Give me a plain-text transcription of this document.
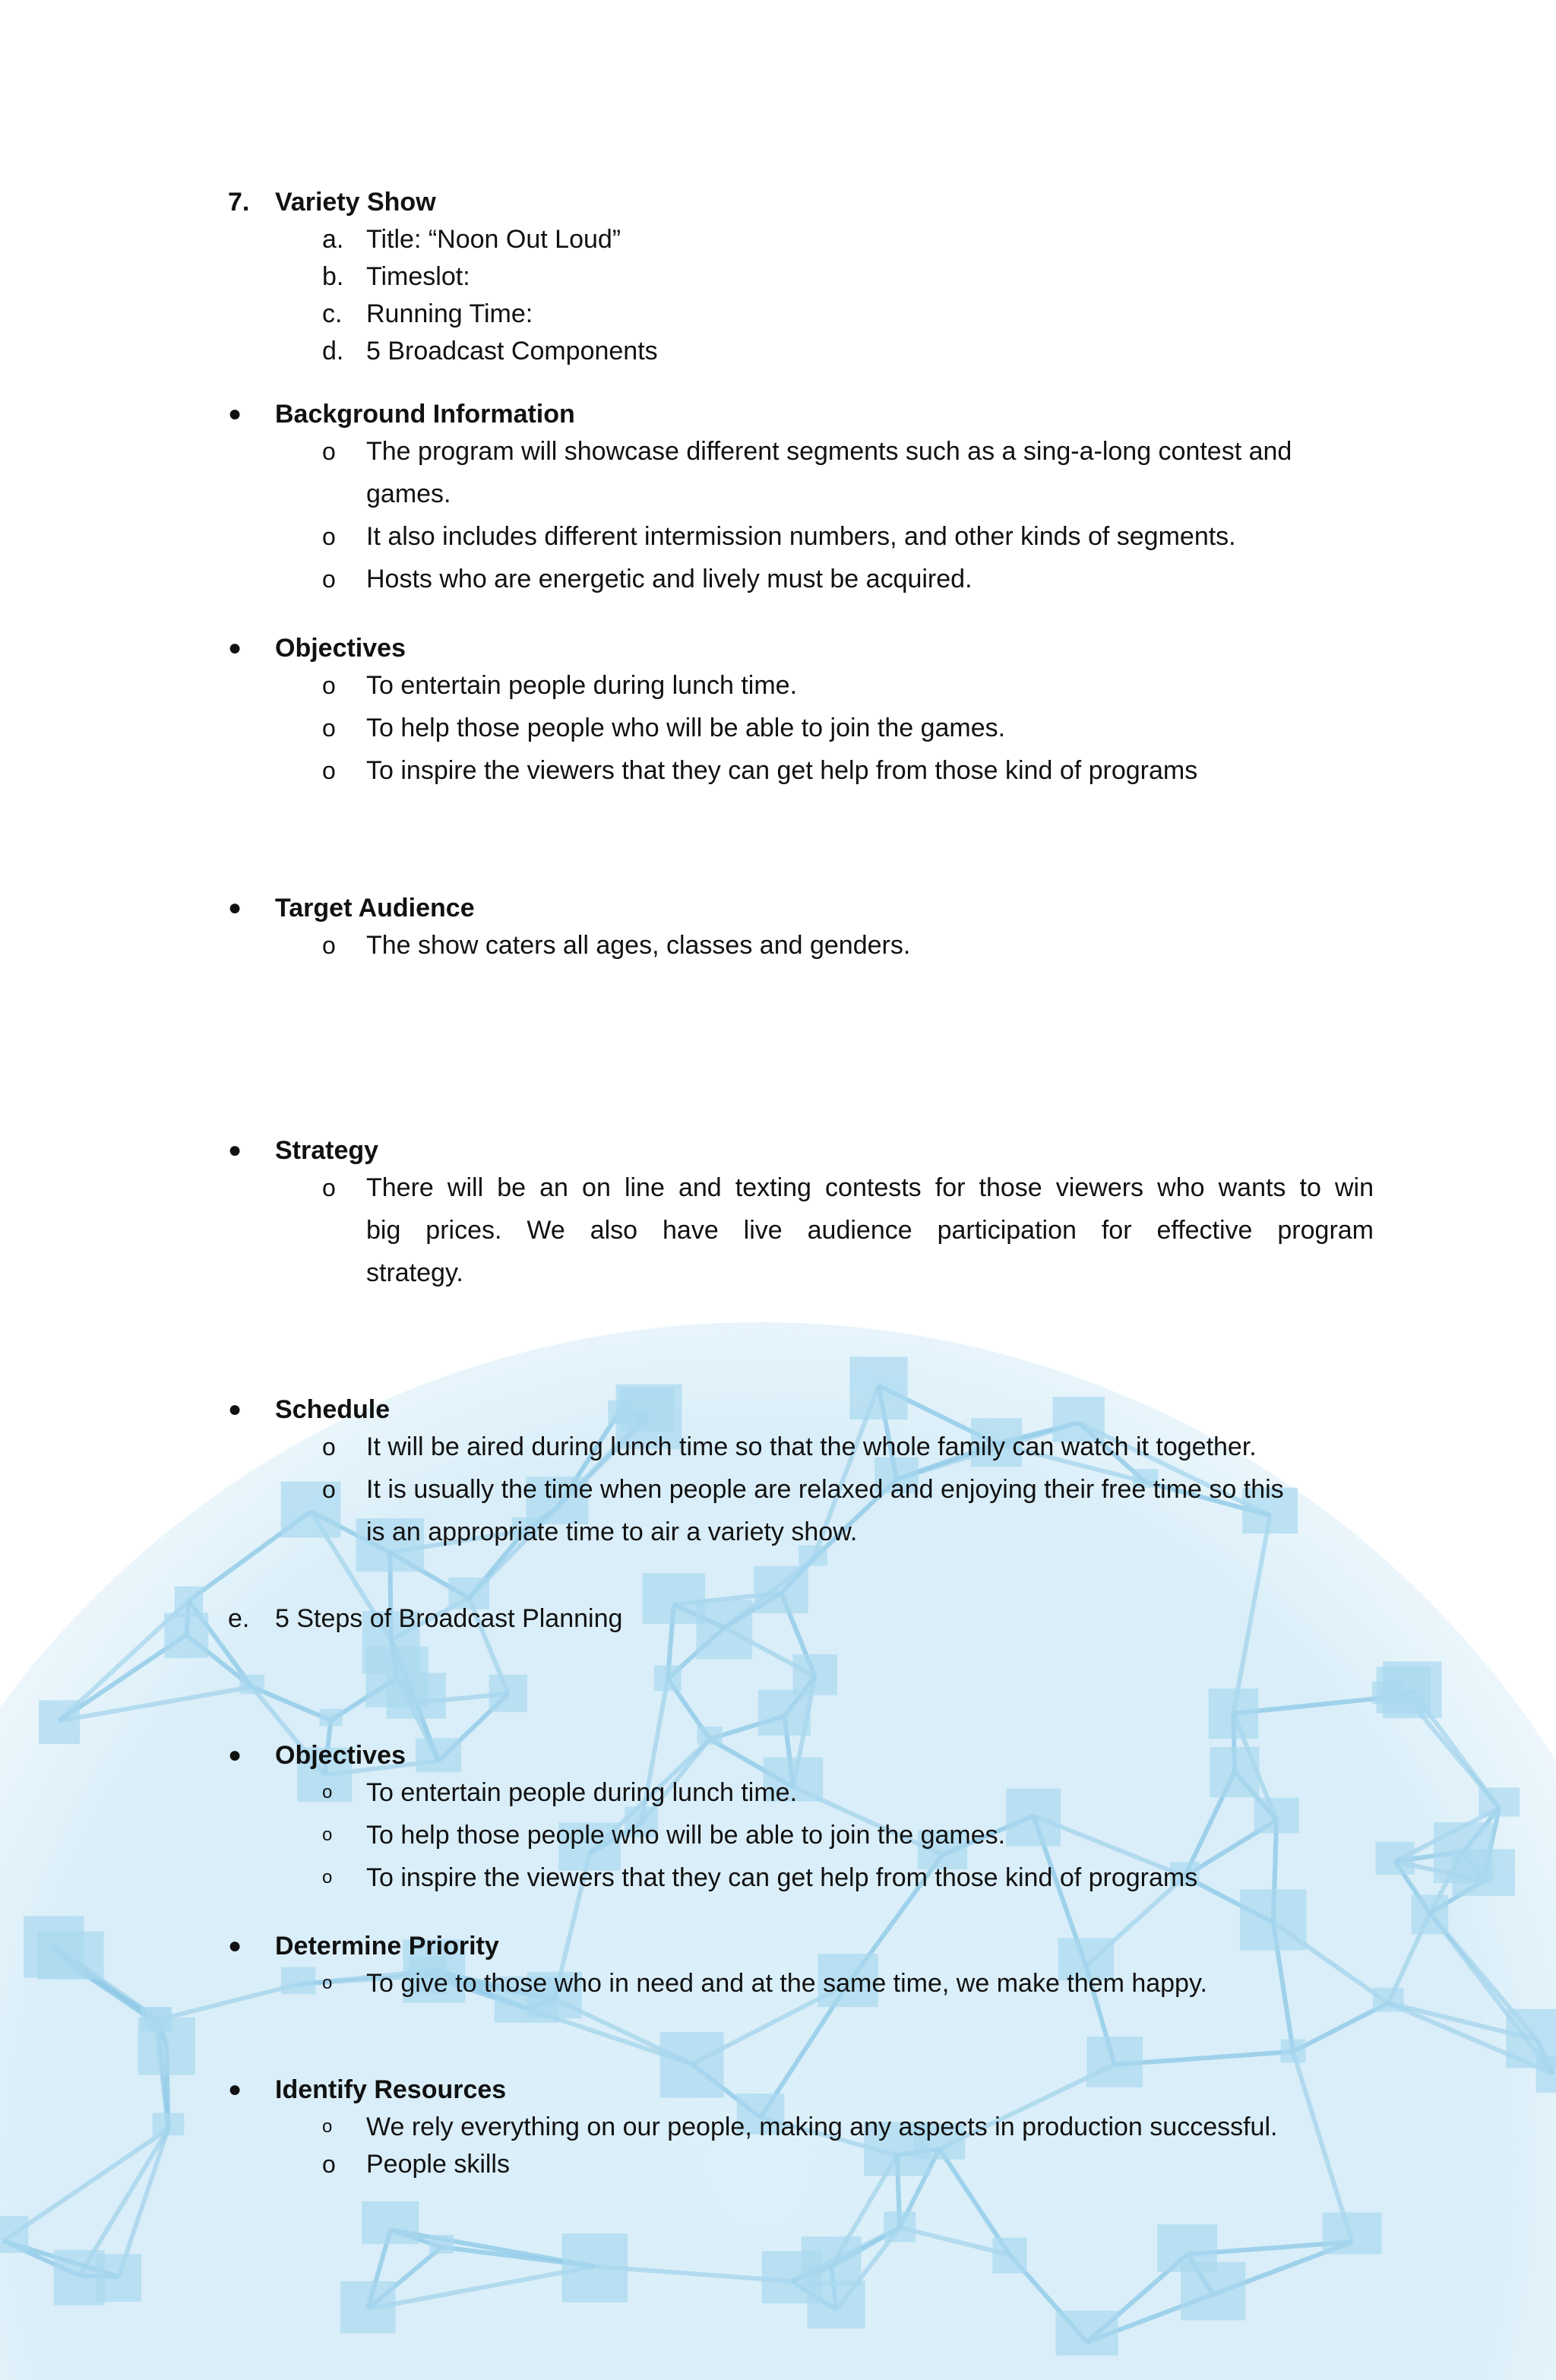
7. Variety Show
a. Title: “Noon Out Loud”
b. Timeslot:
c. Running Time:
d. 5 Broadcast Components
● Background Information
o The program will showcase different segments such as a sing-a-long contest and
games.
o It also includes different intermission numbers, and other kinds of segments.
o Hosts who are energetic and lively must be acquired.
● Objectives
o To entertain people during lunch time.
o To help those people who will be able to join the games.
o To inspire the viewers that they can get help from those kind of programs
● Target Audience
o The show caters all ages, classes and genders.
● Strategy
o There will be an on line and texting contests for those viewers who wants to win
big prices. We also have live audience participation for effective program
strategy.
● Schedule
o It will be aired during lunch time so that the whole family can watch it together.
o It is usually the time when people are relaxed and enjoying their free time so this
is an appropriate time to air a variety show.
e. 5 Steps of Broadcast Planning
● Objectives
o To entertain people during lunch time.
o To help those people who will be able to join the games.
o To inspire the viewers that they can get help from those kind of programs
● Determine Priority
o To give to those who in need and at the same time, we make them happy.
● Identify Resources
o We rely everything on our people, making any aspects in production successful.
o People skills
